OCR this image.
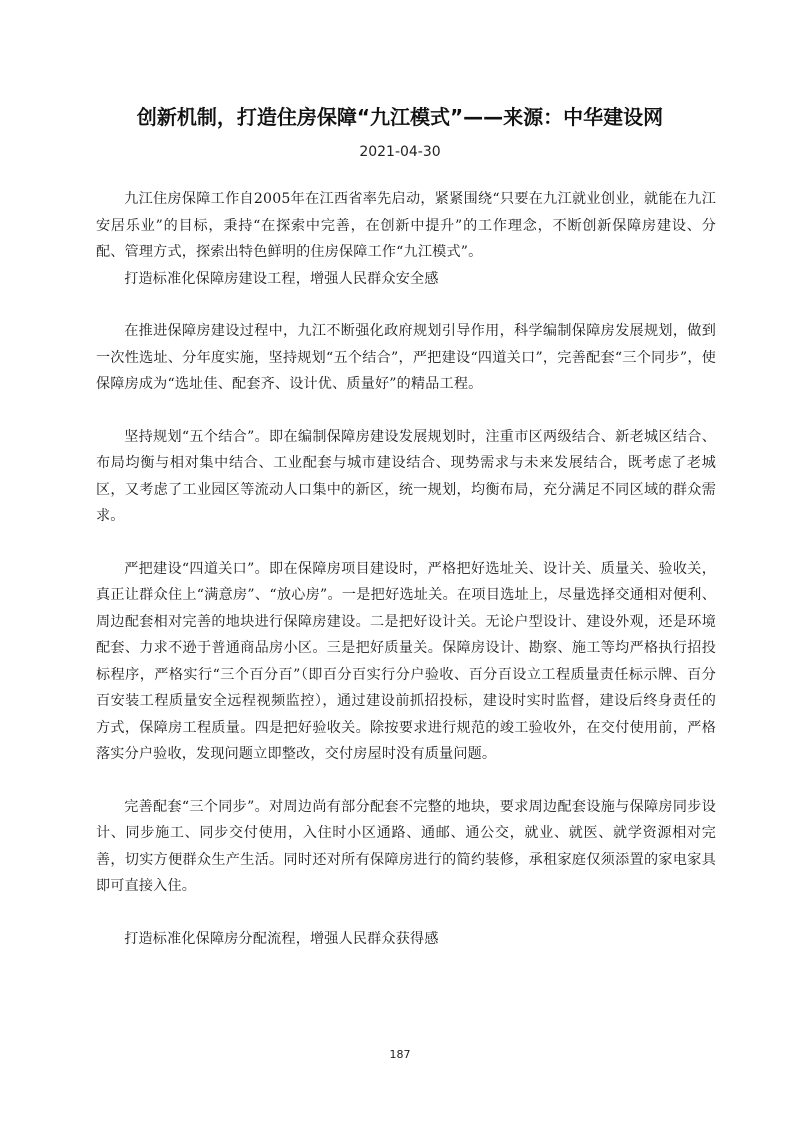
创新机制，打造住房保障“九江模式”——来源：中华建设网
2021-04-30

九江住房保障工作自2005年在江西省率先启动，紧紧围绕“只要在九江就业创业，就能在九江安居乐业”的目标，秉持“在探索中完善，在创新中提升”的工作理念，不断创新保障房建设、分配、管理方式，探索出特色鲜明的住房保障工作“九江模式”。

打造标准化保障房建设工程，增强人民群众安全感

在推进保障房建设过程中，九江不断强化政府规划引导作用，科学编制保障房发展规划，做到一次性选址、分年度实施，坚持规划“五个结合”，严把建设“四道关口”，完善配套“三个同步”，使保障房成为“选址佳、配套齐、设计优、质量好”的精品工程。

坚持规划“五个结合”。即在编制保障房建设发展规划时，注重市区两级结合、新老城区结合、布局均衡与相对集中结合、工业配套与城市建设结合、现势需求与未来发展结合，既考虑了老城区，又考虑了工业园区等流动人口集中的新区，统一规划，均衡布局，充分满足不同区域的群众需求。

严把建设“四道关口”。即在保障房项目建设时，严格把好选址关、设计关、质量关、验收关，真正让群众住上“满意房”、“放心房”。一是把好选址关。在项目选址上，尽量选择交通相对便利、周边配套相对完善的地块进行保障房建设。二是把好设计关。无论户型设计、建设外观，还是环境配套、力求不逊于普通商品房小区。三是把好质量关。保障房设计、勘察、施工等均严格执行招投标程序，严格实行“三个百分百”（即百分百实行分户验收、百分百设立工程质量责任标示牌、百分百安装工程质量安全远程视频监控），通过建设前抓招投标，建设时实时监督，建设后终身责任的方式，保障房工程质量。四是把好验收关。除按要求进行规范的竣工验收外，在交付使用前，严格落实分户验收，发现问题立即整改，交付房屋时没有质量问题。

完善配套“三个同步”。对周边尚有部分配套不完整的地块，要求周边配套设施与保障房同步设计、同步施工、同步交付使用，入住时小区通路、通邮、通公交，就业、就医、就学资源相对完善，切实方便群众生产生活。同时还对所有保障房进行的简约装修，承租家庭仅须添置的家电家具即可直接入住。

打造标准化保障房分配流程，增强人民群众获得感

187
